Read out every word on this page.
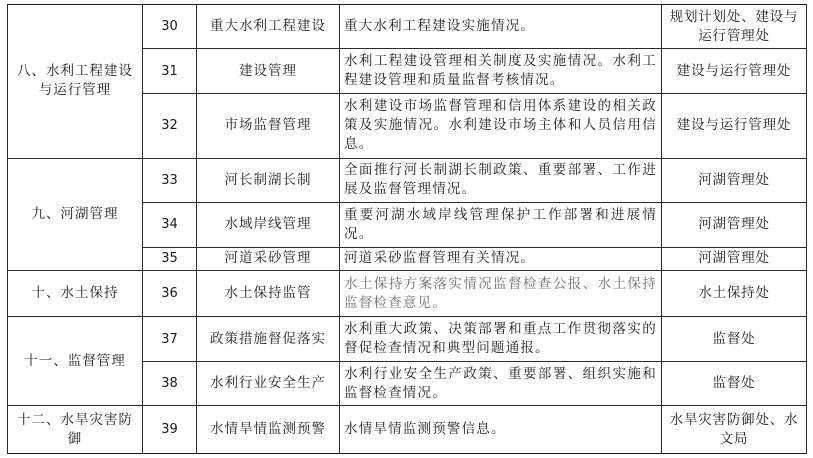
八、水利工程建设与运行管理	30	重大水利工程建设	重大水利工程建设实施情况。	规划计划处、建设与运行管理处
	31	建设管理	水利工程建设管理相关制度及实施情况。水利工程建设管理和质量监督考核情况。	建设与运行管理处
	32	市场监督管理	水利建设市场监督管理和信用体系建设的相关政策及实施情况。水利建设市场主体和人员信用信息。	建设与运行管理处
九、河湖管理	33	河长制湖长制	全面推行河长制湖长制政策、重要部署、工作进展及监督管理情况。	河湖管理处
	34	水域岸线管理	重要河湖水域岸线管理保护工作部署和进展情况。	河湖管理处
	35	河道采砂管理	河道采砂监督管理有关情况。	河湖管理处
十、水土保持	36	水土保持监管	水土保持方案落实情况监督检查公报、水土保持监督检查意见。	水土保持处
十一、监督管理	37	政策措施督促落实	水利重大政策、决策部署和重点工作贯彻落实的督促检查情况和典型问题通报。	监督处
	38	水利行业安全生产	水利行业安全生产政策、重要部署、组织实施和监督检查情况。	监督处
十二、水旱灾害防御	39	水情旱情监测预警	水情旱情监测预警信息。	水旱灾害防御处、水文局
